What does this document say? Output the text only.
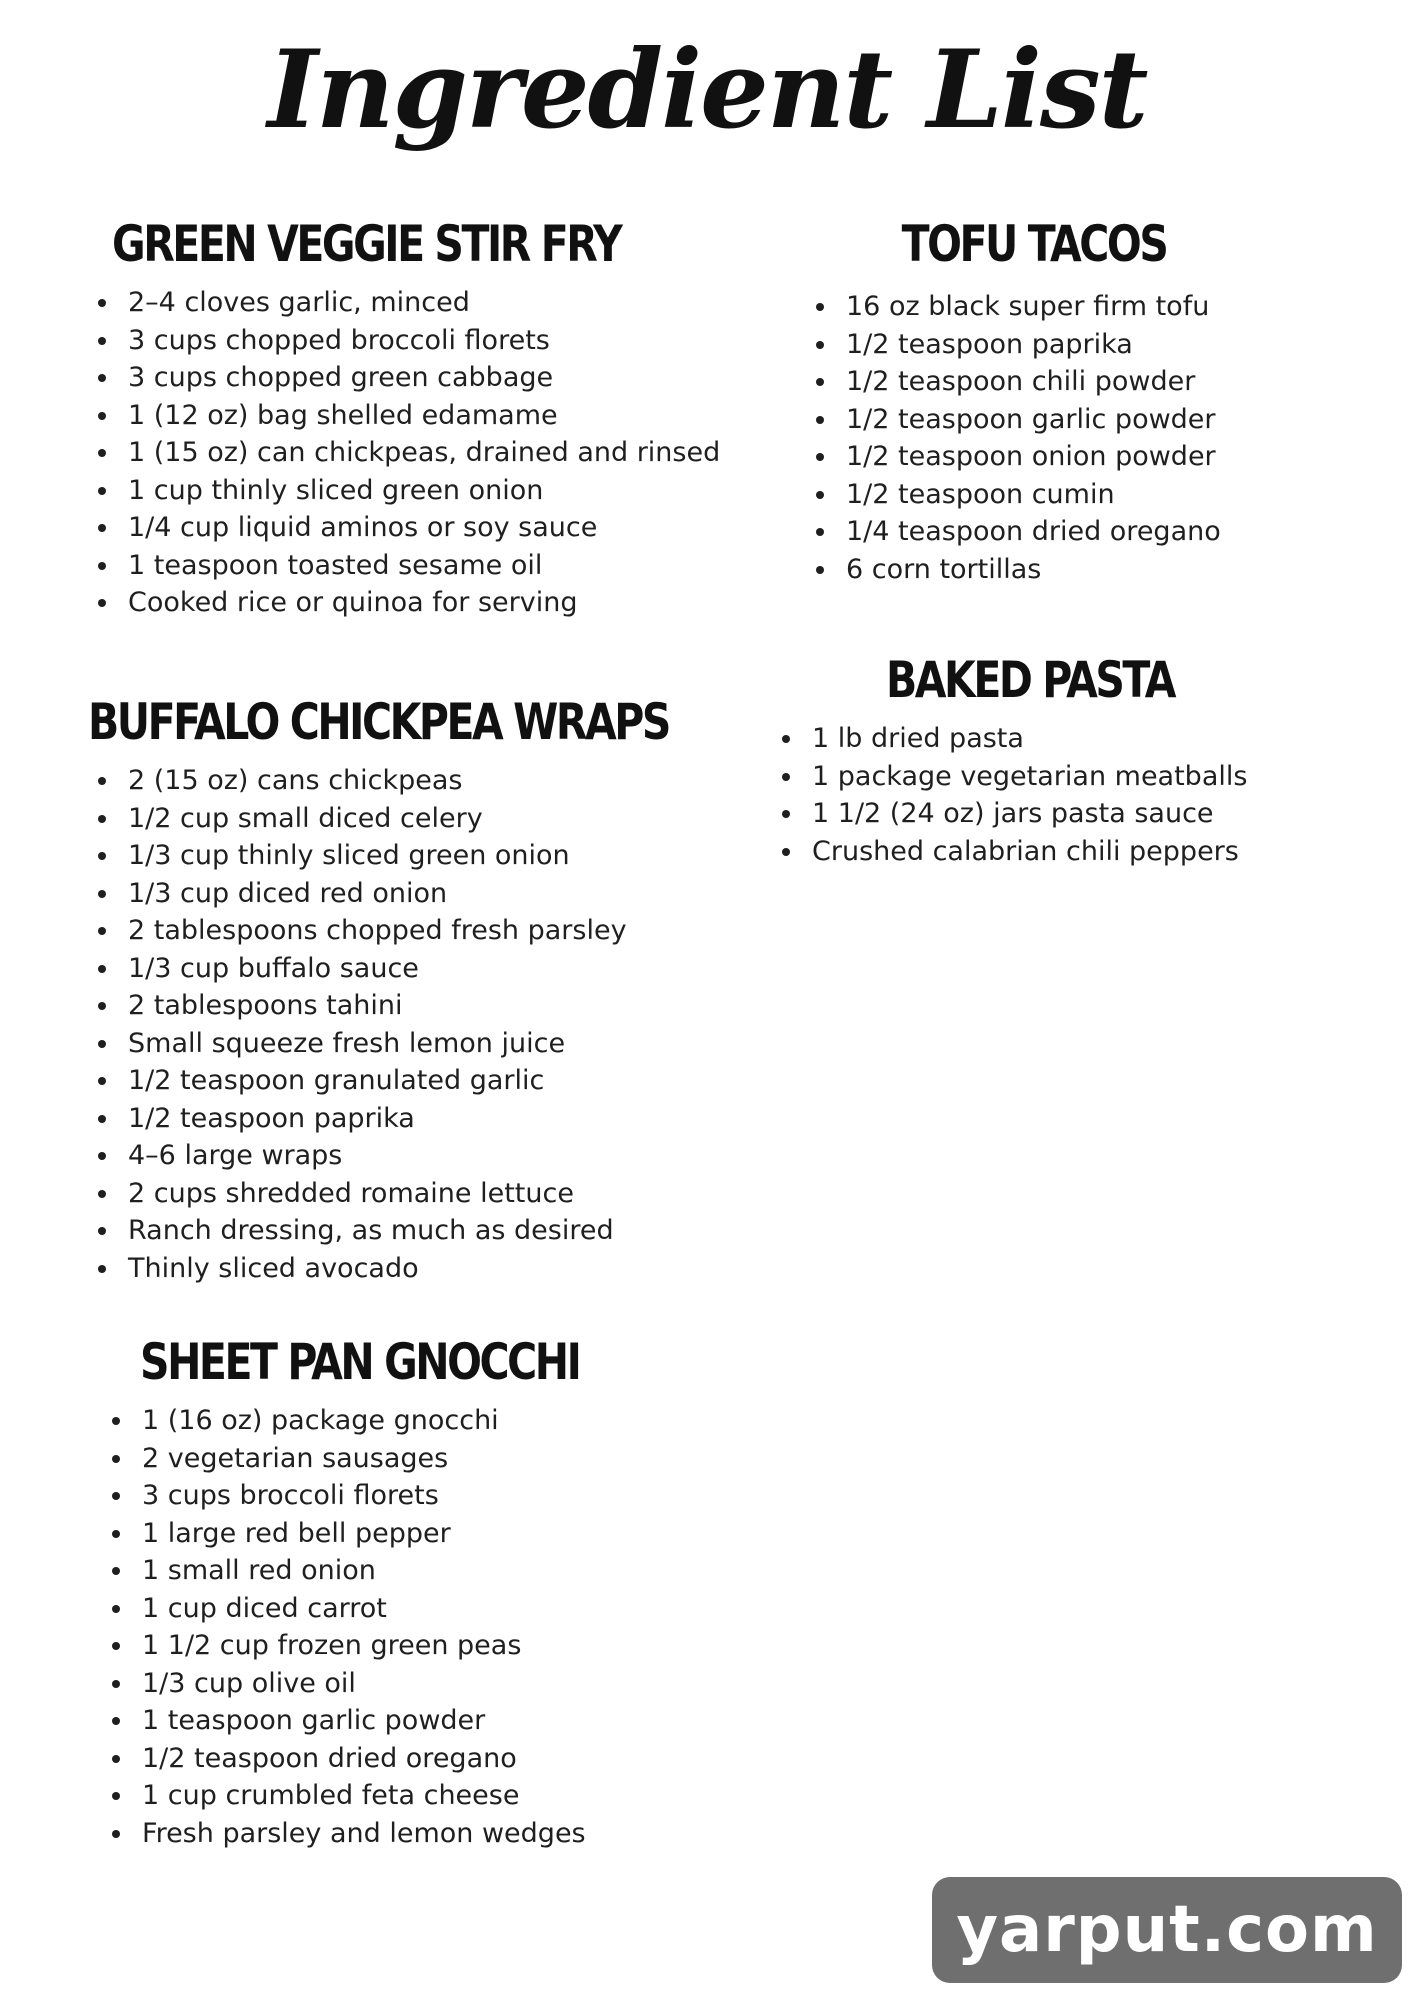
Ingredient List
GREEN VEGGIE STIR FRY
2–4 cloves garlic, minced
3 cups chopped broccoli florets
3 cups chopped green cabbage
1 (12 oz) bag shelled edamame
1 (15 oz) can chickpeas, drained and rinsed
1 cup thinly sliced green onion
1/4 cup liquid aminos or soy sauce
1 teaspoon toasted sesame oil
Cooked rice or quinoa for serving
BUFFALO CHICKPEA WRAPS
2 (15 oz) cans chickpeas
1/2 cup small diced celery
1/3 cup thinly sliced green onion
1/3 cup diced red onion
2 tablespoons chopped fresh parsley
1/3 cup buffalo sauce
2 tablespoons tahini
Small squeeze fresh lemon juice
1/2 teaspoon granulated garlic
1/2 teaspoon paprika
4–6 large wraps
2 cups shredded romaine lettuce
Ranch dressing, as much as desired
Thinly sliced avocado
SHEET PAN GNOCCHI
1 (16 oz) package gnocchi
2 vegetarian sausages
3 cups broccoli florets
1 large red bell pepper
1 small red onion
1 cup diced carrot
1 1/2 cup frozen green peas
1/3 cup olive oil
1 teaspoon garlic powder
1/2 teaspoon dried oregano
1 cup crumbled feta cheese
Fresh parsley and lemon wedges
TOFU TACOS
16 oz black super firm tofu
1/2 teaspoon paprika
1/2 teaspoon chili powder
1/2 teaspoon garlic powder
1/2 teaspoon onion powder
1/2 teaspoon cumin
1/4 teaspoon dried oregano
6 corn tortillas
BAKED PASTA
1 lb dried pasta
1 package vegetarian meatballs
1 1/2 (24 oz) jars pasta sauce
Crushed calabrian chili peppers
yarput.com
